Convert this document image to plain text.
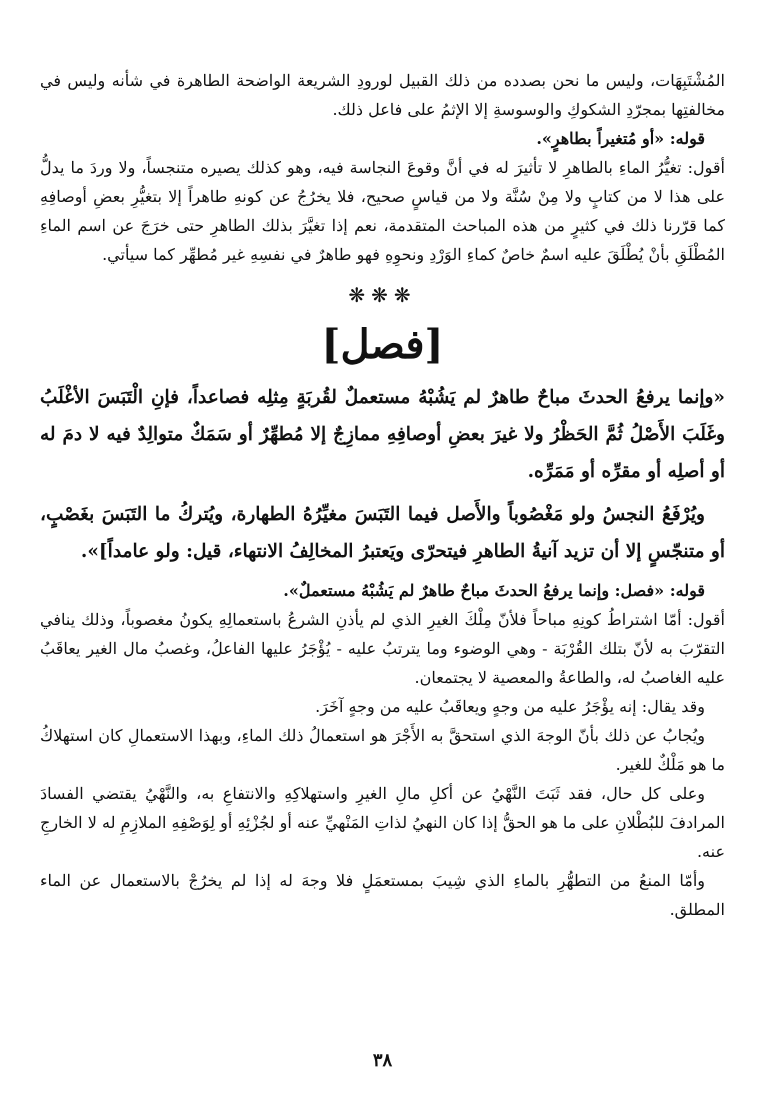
المُشْتَبِهَات، وليس ما نحن بصدده من ذلك القبيل لورودِ الشريعة الواضحة الطاهرة في شأنه وليس في مخالفتِها بمجرّدِ الشكوكِ والوسوسةِ إلا الإثمُ على فاعل ذلك.

قوله: «أو مُتغيراً بطاهرٍ».

أقول: تغيُّرُ الماءِ بالطاهرِ لا تأثيرَ له في أنَّ وقوعَ النجاسة فيه، وهو كذلك يصيره متنجساً، ولا وردَ ما يدلُّ على هذا لا من كتابٍ ولا مِنْ سُنَّة ولا من قياسٍ صحيح، فلا يخرُجُ عن كونهِ طاهراً إلا بتغيُّرِ بعضِ أوصافِهِ كما قرّرنا ذلك في كثيرٍ من هذه المباحث المتقدمة، نعم إذا تغيَّرَ بذلك الطاهرِ حتى خرَجَ عن اسم الماءِ المُطْلَقِ بأنْ يُطْلَقَ عليه اسمٌ خاصٌ كماءِ الوَرْدِ ونحوِهِ فهو طاهرٌ في نفسِهِ غير مُطهِّر كما سيأتي.

❋❋❋
[فصل]

«وإنما يرفعُ الحدثَ مباحٌ طاهرٌ لم يَشُبْهُ مستعملٌ لقُربَةٍ مِثلِه فصاعداً، فإنِ الْتَبَسَ الأغْلَبُ وغَلَبَ الأَصْلُ ثُمَّ الحَظْرُ ولا غيرَ بعضِ أوصافِهِ ممازِجٌ إلا مُطهِّرٌ أو سَمَكٌ متوالِدٌ فيه لا دمَ له أو أصلِه أو مقرِّه أو مَمَرِّه.

ويُرْفَعُ النجسُ ولو مَغْصُوباً والأَصل فيما التَبَسَ مغيِّرُهُ الطهارة، ويُتركُ ما التَبَسَ بغَصْبٍ، أو متنجّسٍ إلا أن تزيد آنيةُ الطاهرِ فيتحرّى ويَعتبرُ المخالِفُ الانتهاء، قيل: ولو عامداً]».

قوله: «فصل: وإنما يرفعُ الحدثَ مباحٌ طاهرٌ لم يَشُبْهُ مستعملٌ».

أقول: أمّا اشتراطُ كونِهِ مباحاً فلأنّ مِلْكَ الغيرِ الذي لم يأذنِ الشرعُ باستعمالِهِ يكونُ مغصوباً، وذلك ينافي التقرّبَ به لأنّ بتلك القُرْبَة - وهي الوضوء وما يترتبُ عليه - يُؤْجَرُ عليها الفاعلُ، وغصبُ مال الغير يعاقَبُ عليه الغاصبُ له، والطاعةُ والمعصية لا يجتمعان.

وقد يقال: إنه يؤْجَرُ عليه من وجهٍ ويعاقَبُ عليه من وجهٍ آخَرَ.

ويُجابُ عن ذلك بأنّ الوجهَ الذي استحقَّ به الأَجْرَ هو استعمالُ ذلك الماءِ، وبهذا الاستعمالِ كان استهلاكُ ما هو مَلْكٌ للغير.

وعلى كل حال، فقد ثَبَتَ النَّهْيُ عن أكلِ مالِ الغيرِ واستهلاكِهِ والانتفاعِ به، والنَّهْيُ يقتضي الفسادَ المرادفَ للبُطْلانِ على ما هو الحقُّ إذا كان النهيُ لذاتِ المَنْهيِّ عنه أو لجُزْئِهِ أو لِوَصْفِهِ الملازِمِ له لا الخارجِ عنه.

وأمّا المنعُ من التطهُّرِ بالماءِ الذي شِيبَ بمستعمَلٍ فلا وجهَ له إذا لم يخرُجْ بالاستعمال عن الماء المطلق.

٣٨
